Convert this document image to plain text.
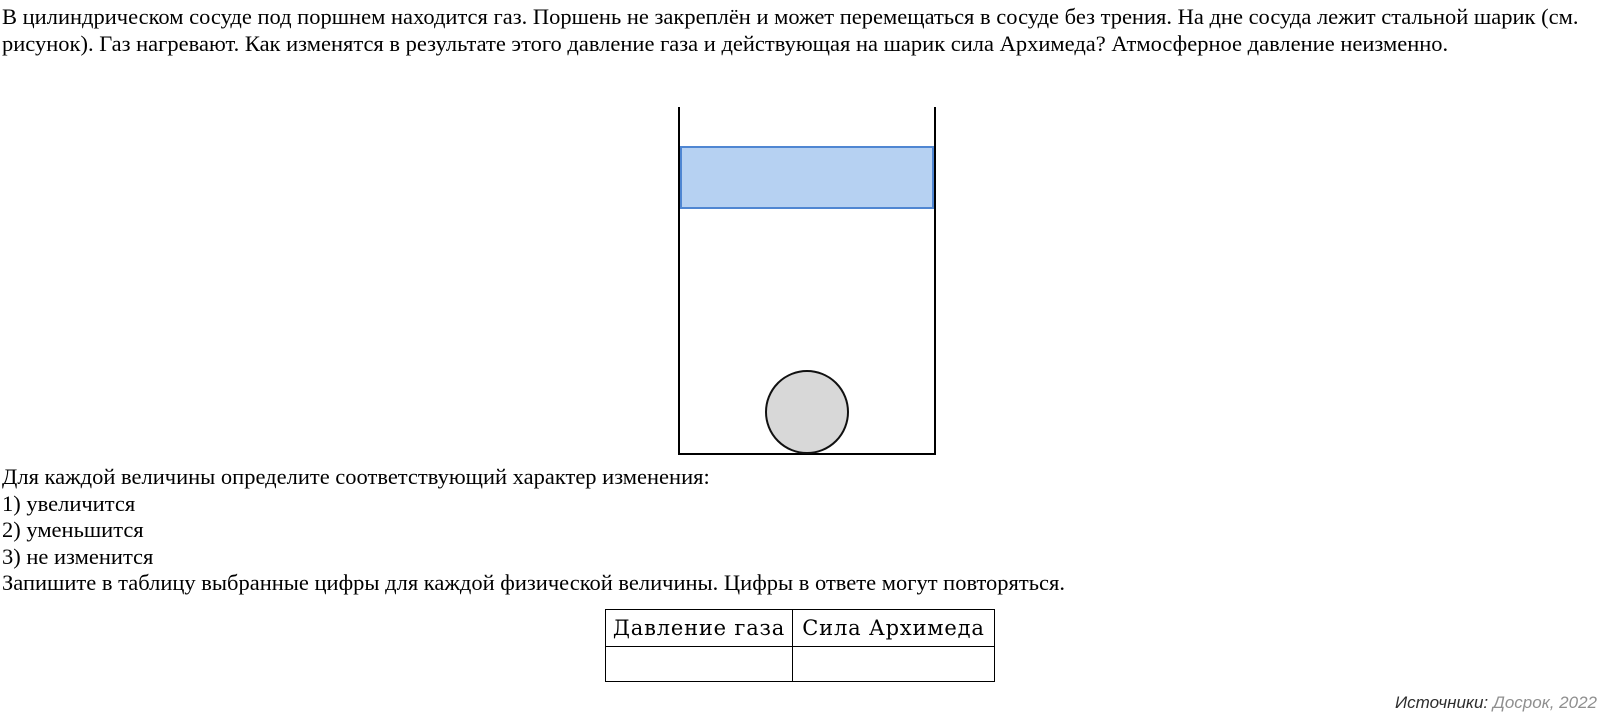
В цилиндрическом сосуде под поршнем находится газ. Поршень не закреплён и может перемещаться в сосуде без трения. На дне сосуда лежит стальной шарик (см. рисунок). Газ нагревают. Как изменятся в результате этого давление газа и действующая на шарик сила Архимеда? Атмосферное давление неизменно.
Для каждой величины определите соответствующий характер изменения:
1) увеличится
2) уменьшится
3) не изменится
Запишите в таблицу выбранные цифры для каждой физической величины. Цифры в ответе могут повторяться.
Давление газа	Сила Архимеда

Источники: Досрок, 2022
